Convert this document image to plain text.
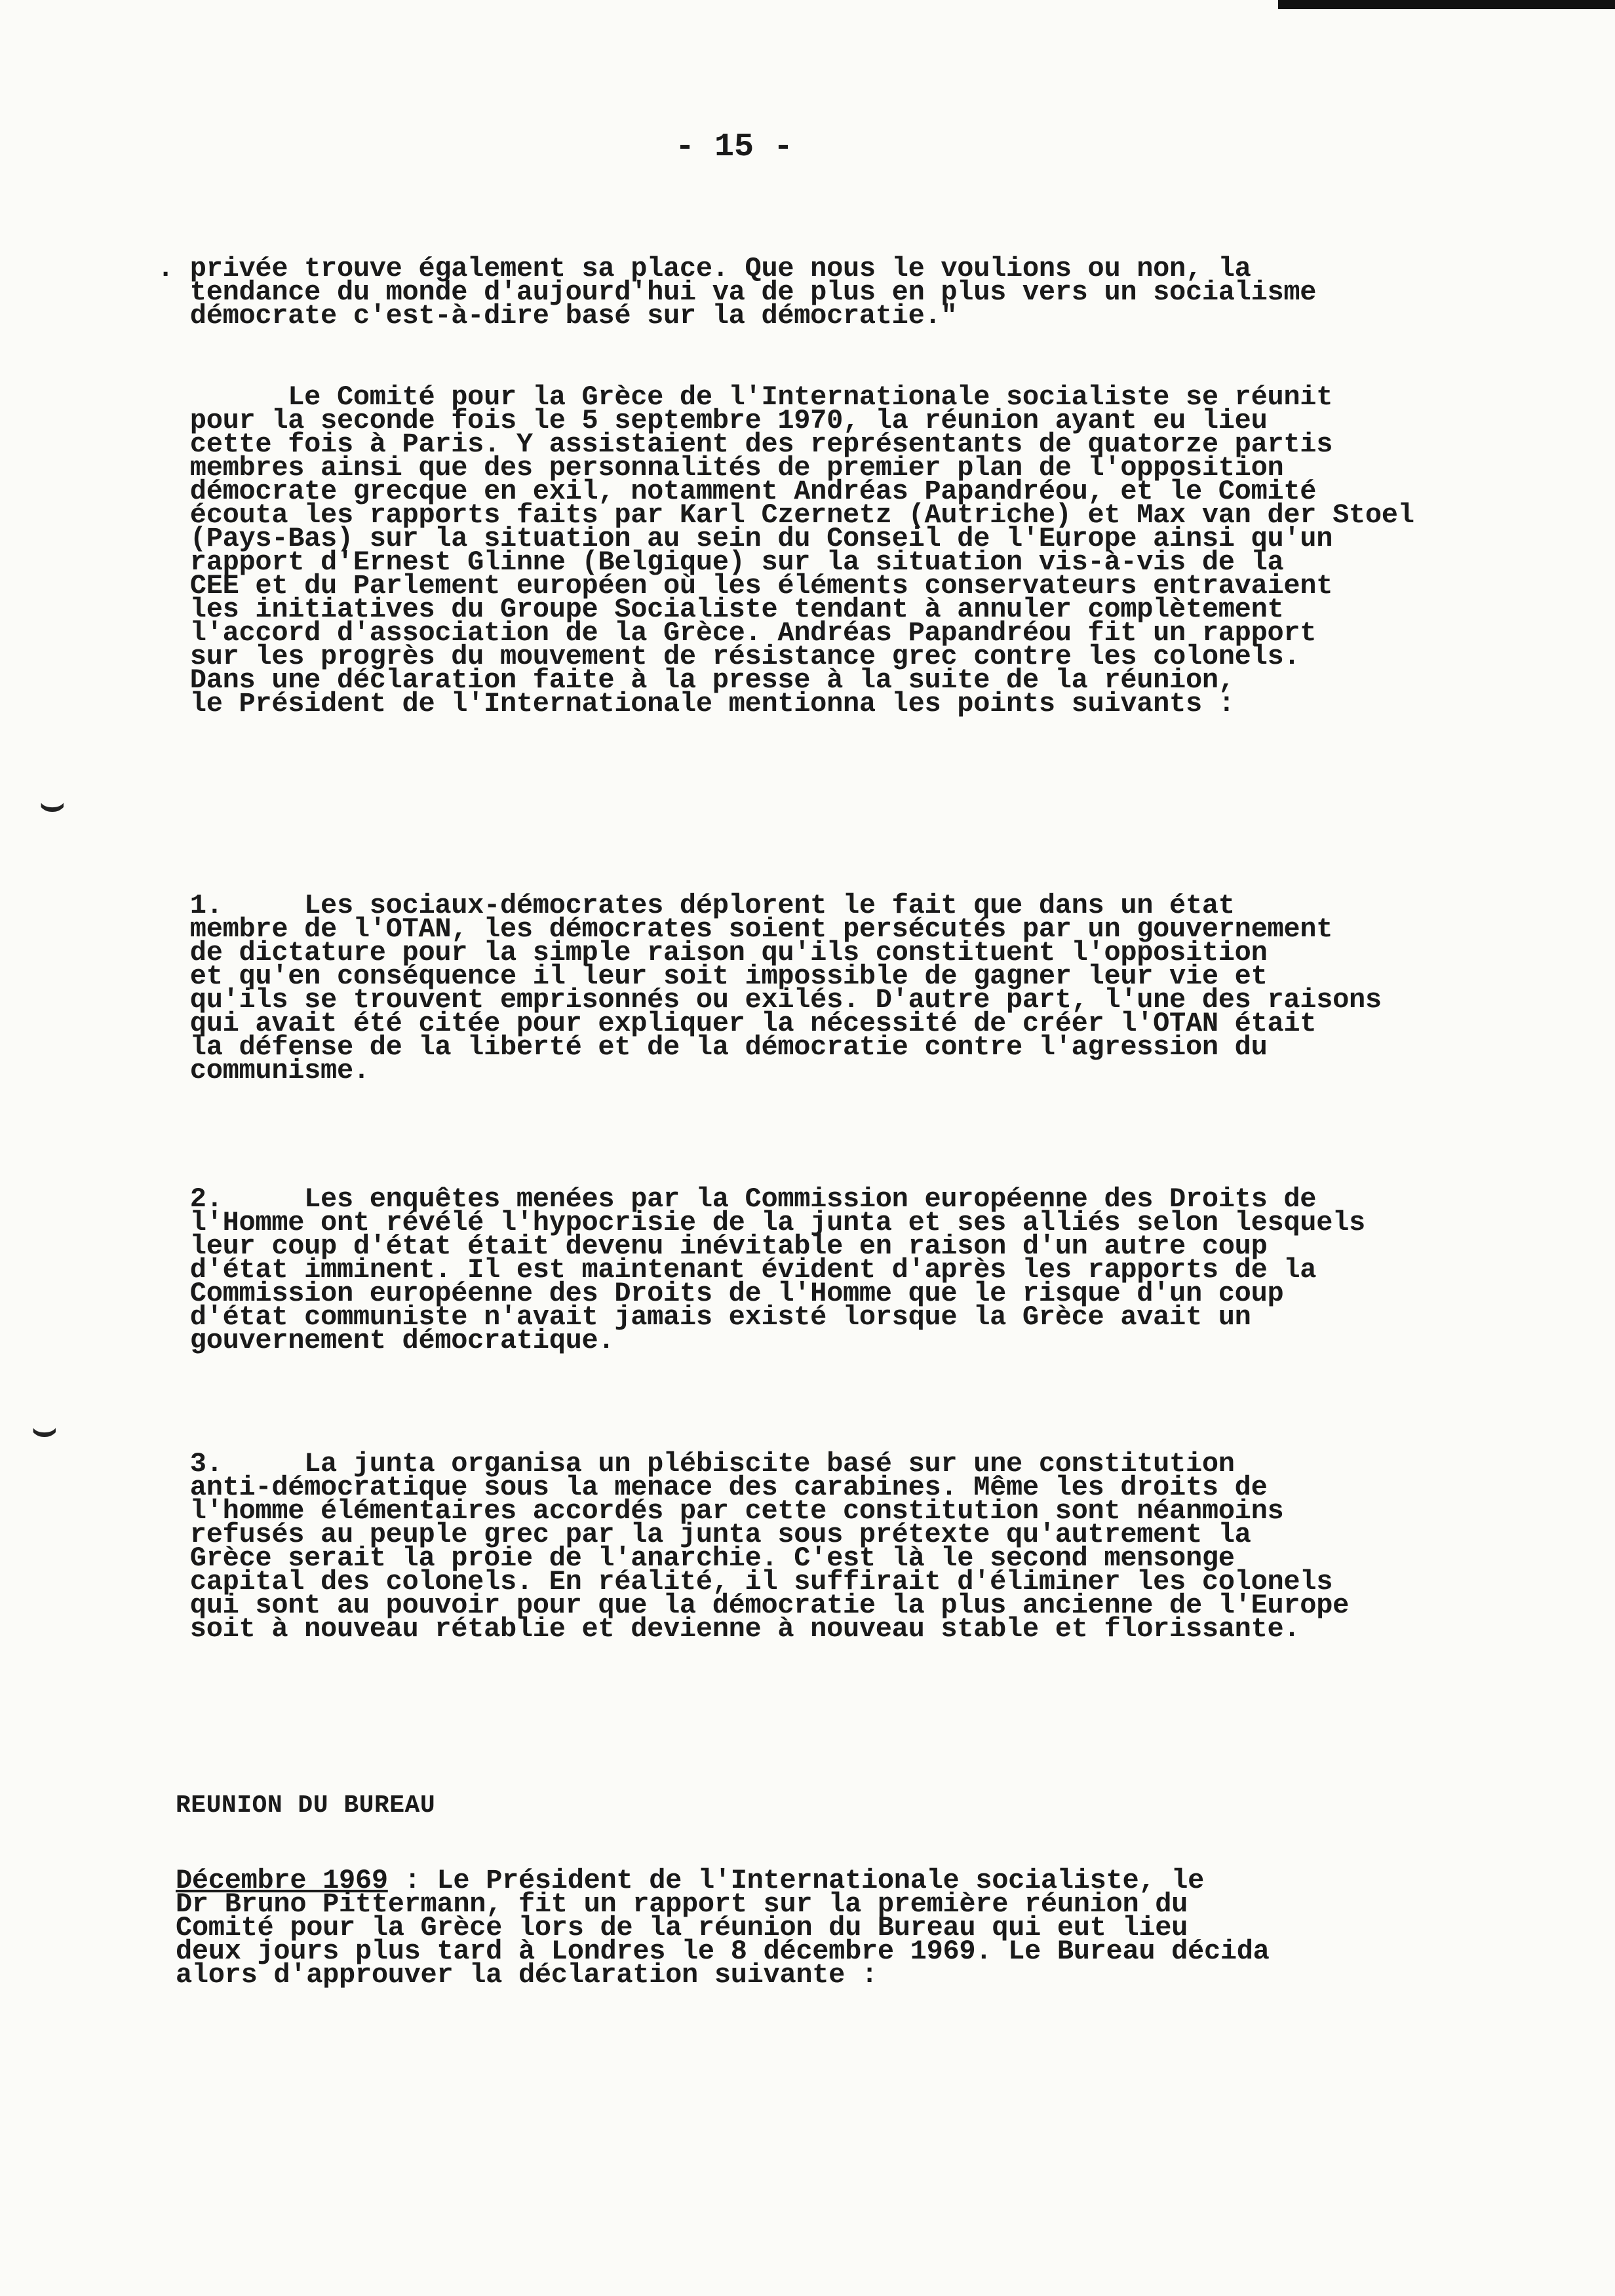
- 15 -
. privée trouve également sa place. Que nous le voulions ou non, la
tendance du monde d'aujourd'hui va de plus en plus vers un socialisme
démocrate c'est-à-dire basé sur la démocratie."
Le Comité pour la Grèce de l'Internationale socialiste se réunit
pour la seconde fois le 5 septembre 1970, la réunion ayant eu lieu
cette fois à Paris. Y assistaient des représentants de quatorze partis
membres ainsi que des personnalités de premier plan de l'opposition
démocrate grecque en exil, notamment Andréas Papandréou, et le Comité
écouta les rapports faits par Karl Czernetz (Autriche) et Max van der Stoel
(Pays-Bas) sur la situation au sein du Conseil de l'Europe ainsi qu'un
rapport d'Ernest Glinne (Belgique) sur la situation vis-à-vis de la
CEE et du Parlement européen où les éléments conservateurs entravaient
les initiatives du Groupe Socialiste tendant à annuler complètement
l'accord d'association de la Grèce. Andréas Papandréou fit un rapport
sur les progrès du mouvement de résistance grec contre les colonels.
Dans une déclaration faite à la presse à la suite de la réunion,
le Président de l'Internationale mentionna les points suivants :
1.     Les sociaux-démocrates déplorent le fait que dans un état
membre de l'OTAN, les démocrates soient persécutés par un gouvernement
de dictature pour la simple raison qu'ils constituent l'opposition
et qu'en conséquence il leur soit impossible de gagner leur vie et
qu'ils se trouvent emprisonnés ou exilés. D'autre part, l'une des raisons
qui avait été citée pour expliquer la nécessité de créer l'OTAN était
la défense de la liberté et de la démocratie contre l'agression du
communisme.
2.     Les enquêtes menées par la Commission européenne des Droits de
l'Homme ont révélé l'hypocrisie de la junta et ses alliés selon lesquels
leur coup d'état était devenu inévitable en raison d'un autre coup
d'état imminent. Il est maintenant évident d'après les rapports de la
Commission européenne des Droits de l'Homme que le risque d'un coup
d'état communiste n'avait jamais existé lorsque la Grèce avait un
gouvernement démocratique.
3.     La junta organisa un plébiscite basé sur une constitution
anti-démocratique sous la menace des carabines. Même les droits de
l'homme élémentaires accordés par cette constitution sont néanmoins
refusés au peuple grec par la junta sous prétexte qu'autrement la
Grèce serait la proie de l'anarchie. C'est là le second mensonge
capital des colonels. En réalité, il suffirait d'éliminer les colonels
qui sont au pouvoir pour que la démocratie la plus ancienne de l'Europe
soit à nouveau rétablie et devienne à nouveau stable et florissante.
REUNION DU BUREAU
Décembre 1969 : Le Président de l'Internationale socialiste, le
Dr Bruno Pittermann, fit un rapport sur la première réunion du
Comité pour la Grèce lors de la réunion du Bureau qui eut lieu
deux jours plus tard à Londres le 8 décembre 1969. Le Bureau décida
alors d'approuver la déclaration suivante :
⌣
⌣
